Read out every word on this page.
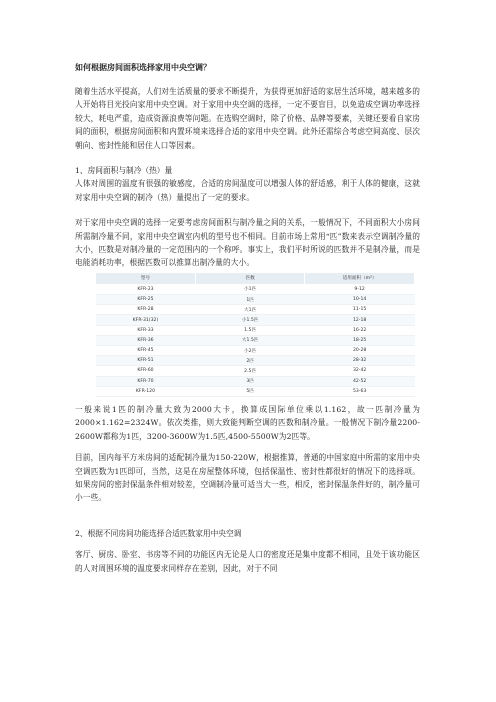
如何根据房间面积选择家用中央空调？

随着生活水平提高，人们对生活质量的要求不断提升，为获得更加舒适的家居生活环境，越来越多的人开始将目光投向家用中央空调。对于家用中央空调的选择，一定不要盲目，以免造成空调功率选择较大，耗电严重，造成资源浪费等问题。在选购空调时，除了价格、品牌等要素，关键还要看自家房间的面积，根据房间面积和内置环境来选择合适的家用中央空调。此外还需综合考虑空间高度、层次朝向、密封性能和居住人口等因素。

1、房间面积与制冷（热）量

人体对周围的温度有很强的敏感度，合适的房间温度可以增强人体的舒适感，利于人体的健康，这就对家用中央空调的制冷（热）量提出了一定的要求。

对于家用中央空调的选择一定要考虑房间面积与制冷量之间的关系，一般情况下，不同面积大小房间所需制冷量不同，家用中央空调室内机的型号也不相同。目前市场上常用“匹”数来表示空调制冷量的大小，匹数是对制冷量的一定范围内的一个称呼。事实上，我们平时所说的匹数并不是制冷量，而是电能消耗功率，根据匹数可以推算出制冷量的大小。

型号	匹数	适用面积（m²）
KFR-23	小1匹	9-12
KFR-25	1匹	10-14
KFR-28	大1匹	11-15
KFR-31(32)	小1.5匹	12-18
KFR-33	1.5匹	16-22
KFR-36	大1.5匹	18-25
KFR-45	小2匹	20-28
KFR-51	2匹	28-32
KFR-60	2.5匹	32-42
KFR-70	3匹	42-52
KFR-120	5匹	53-63

一般来说1匹的制冷量大致为2000大卡，换算成国际单位乘以1.162，故一匹制冷量为2000×1.162=2324W。依次类推，则大致能判断空调的匹数和制冷量。一般情况下制冷量2200-2600W都称为1匹，3200-3600W为1.5匹,4500-5500W为2匹等。

目前，国内每平方米房间的适配制冷量为150-220W，根据推算，普通的中国家庭中所需的家用中央空调匹数为1匹即可，当然，这是在房屋整体环境，包括保温性、密封性都很好的情况下的选择项。如果房间的密封保温条件相对较差，空调制冷量可适当大一些，相反，密封保温条件好的，制冷量可小一些。

2、根据不同房间功能选择合适匹数家用中央空调

客厅、厨房、卧室、书房等不同的功能区内无论是人口的密度还是集中度都不相同，且处于该功能区的人对周围环境的温度要求同样存在差别，因此，对于不同
